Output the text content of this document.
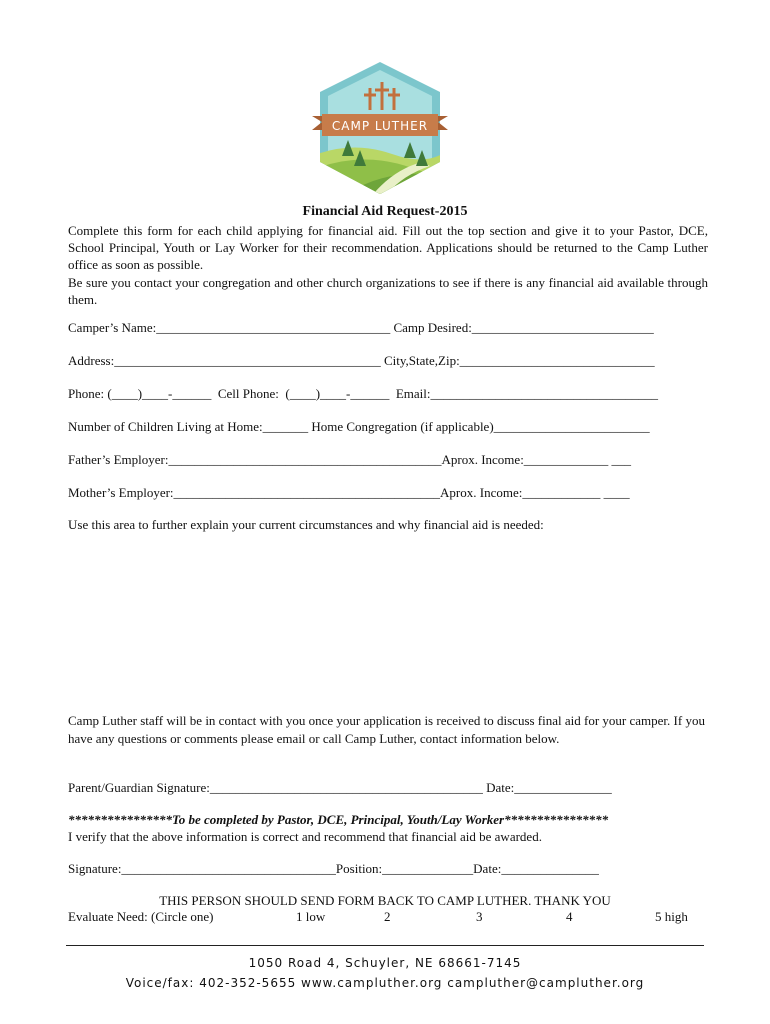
CAMP LUTHER
Financial Aid Request-2015

Complete this form for each child applying for financial aid. Fill out the top section and give it to your Pastor, DCE, School Principal, Youth or Lay Worker for their recommendation. Applications should be returned to the Camp Luther office as soon as possible.

Be sure you contact your congregation and other church organizations to see if there is any financial aid available through them.

Camper’s Name:____________________________________ Camp Desired:____________________________
Address:_________________________________________ City,State,Zip:______________________________
Phone: (____)____-______  Cell Phone:  (____)____-______  Email:___________________________________
Number of Children Living at Home:_______ Home Congregation (if applicable)________________________
Father’s Employer:__________________________________________Aprox. Income:_____________ ___
Mother’s Employer:_________________________________________Aprox. Income:____________ ____
Use this area to further explain your current circumstances and why financial aid is needed:
Camp Luther staff will be in contact with you once your application is received to discuss final aid for your camper. If you have any questions or comments please email or call Camp Luther, contact information below.
Parent/Guardian Signature:__________________________________________ Date:_______________
****************To be completed by Pastor, DCE, Principal, Youth/Lay Worker****************
I verify that the above information is correct and recommend that financial aid be awarded.
Signature:_________________________________Position:______________Date:_______________
THIS PERSON SHOULD SEND FORM BACK TO CAMP LUTHER. THANK YOU
Evaluate Need: (Circle one)	1 low	2	3	4	5 high
1050 Road 4, Schuyler, NE 68661-7145
Voice/fax: 402-352-5655 www.campluther.org campluther@campluther.org
